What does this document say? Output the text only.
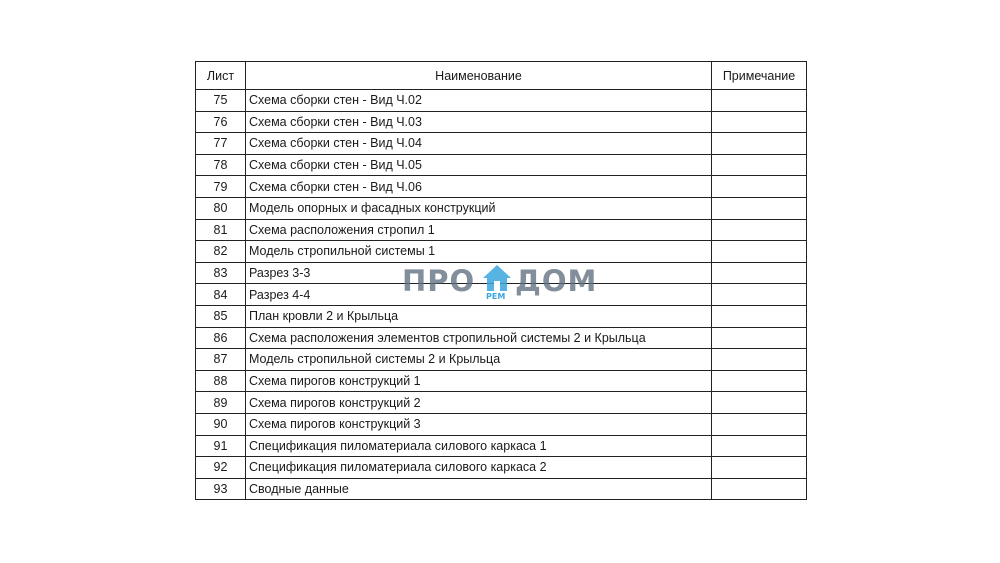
Лист	Наименование	Примечание
75	Схема сборки стен - Вид Ч.02	
76	Схема сборки стен - Вид Ч.03	
77	Схема сборки стен - Вид Ч.04	
78	Схема сборки стен - Вид Ч.05	
79	Схема сборки стен - Вид Ч.06	
80	Модель опорных и фасадных конструкций	
81	Схема расположения стропил 1	
82	Модель стропильной системы 1	
83	Разрез 3-3	
84	Разрез 4-4	
85	План кровли 2 и Крыльца	
86	Схема расположения элементов стропильной системы 2 и Крыльца	
87	Модель стропильной системы 2 и Крыльца	
88	Схема пирогов конструкций 1	
89	Схема пирогов конструкций 2	
90	Схема пирогов конструкций 3	
91	Спецификация пиломатериала силового каркаса 1	
92	Спецификация пиломатериала силового каркаса 2	
93	Сводные данные	
ПРО РЕМ ДОМ
